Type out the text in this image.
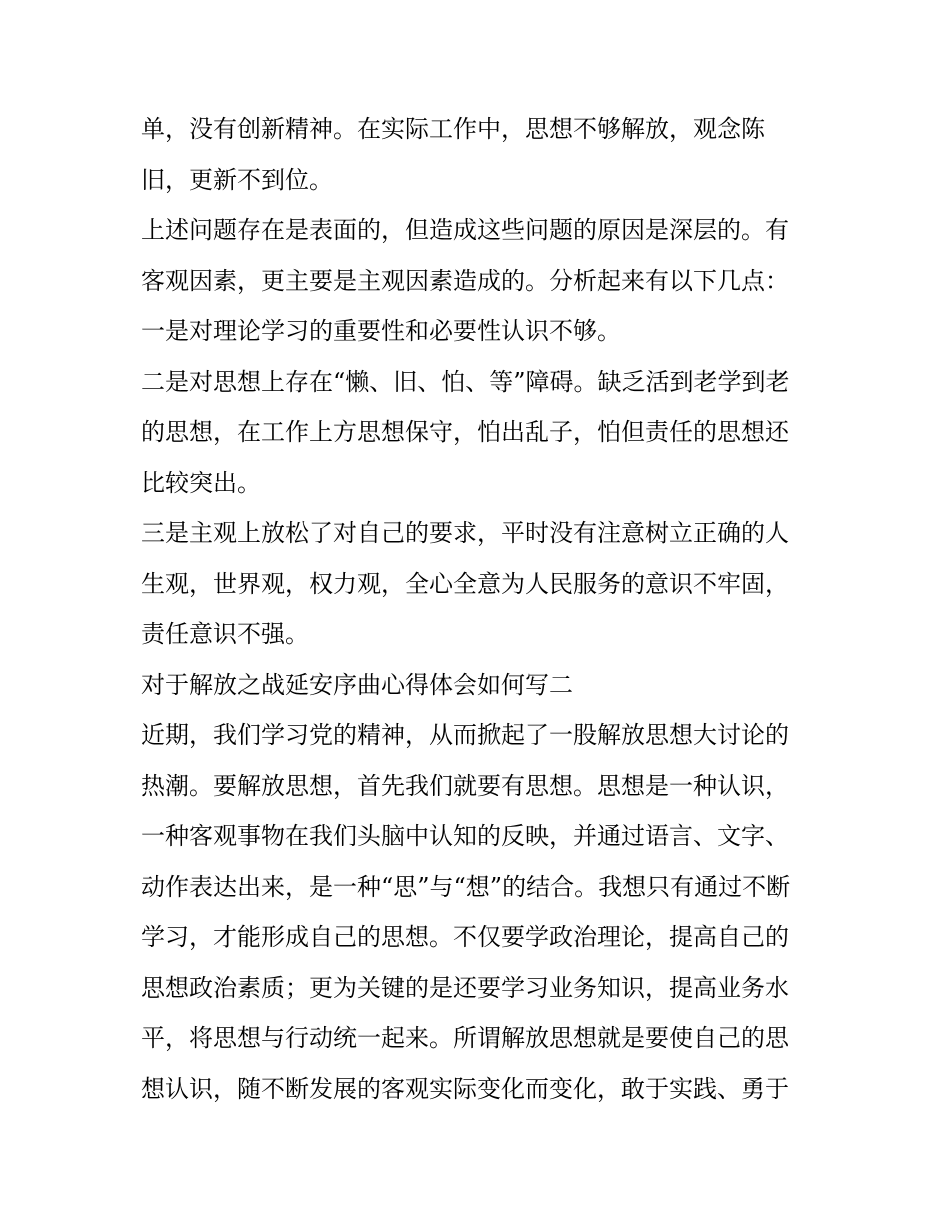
单，没有创新精神。在实际工作中，思想不够解放，观念陈
旧，更新不到位。
上述问题存在是表面的，但造成这些问题的原因是深层的。有
客观因素，更主要是主观因素造成的。分析起来有以下几点：
一是对理论学习的重要性和必要性认识不够。
二是对思想上存在“懒、旧、怕、等”障碍。缺乏活到老学到老
的思想，在工作上方思想保守，怕出乱子，怕但责任的思想还
比较突出。
三是主观上放松了对自己的要求，平时没有注意树立正确的人
生观，世界观，权力观，全心全意为人民服务的意识不牢固，
责任意识不强。
对于解放之战延安序曲心得体会如何写二
近期，我们学习党的精神，从而掀起了一股解放思想大讨论的
热潮。要解放思想，首先我们就要有思想。思想是一种认识，
一种客观事物在我们头脑中认知的反映，并通过语言、文字、
动作表达出来，是一种“思”与“想”的结合。我想只有通过不断
学习，才能形成自己的思想。不仅要学政治理论，提高自己的
思想政治素质；更为关键的是还要学习业务知识，提高业务水
平，将思想与行动统一起来。所谓解放思想就是要使自己的思
想认识，随不断发展的客观实际变化而变化，敢于实践、勇于
